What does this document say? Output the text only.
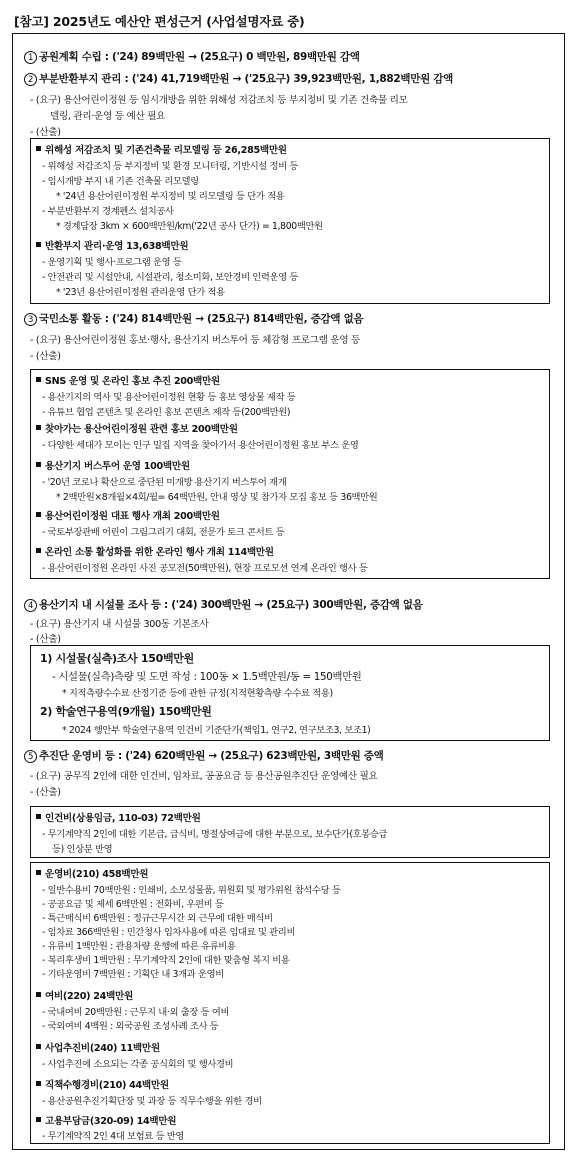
[참고] 2025년도 예산안 편성근거 (사업설명자료 중)
1 공원계획 수립 : ('24) 89백만원 → (25요구) 0 백만원, 89백만원 감액
2 부분반환부지 관리 : ('24) 41,719백만원 → ('25요구) 39,923백만원, 1,882백만원 감액
- (요구) 용산어린이정원 등 임시개방을 위한 위해성 저감조치 등 부지정비 및 기존 건축물 리모
델링, 관리·운영 등 예산 필요
- (산출)
위해성 저감조치 및 기존건축물 리모델링 등 26,285백만원
- 위해성 저감조치 등 부지정비 및 환경 모니터링, 기반시설 정비 등
- 임시개방 부지 내 기존 건축물 리모델링
* '24년 용산어린이정원 부지정비 및 리모델링 등 단가 적용
- 부분반환부지 경계펜스 설치공사
* 경계담장 3km × 600백만원/km('22년 공사 단가) = 1,800백만원
반환부지 관리·운영 13,638백만원
- 운영기획 및 행사·프로그램 운영 등
- 안전관리 및 시설안내, 시설관리, 청소미화, 보안경비 인력운영 등
* '23년 용산어린이정원 관리운영 단가 적용
3 국민소통 활동 : ('24) 814백만원 → (25요구) 814백만원, 증감액 없음
- (요구) 용산어린이정원 홍보·행사, 용산기지 버스투어 등 체감형 프로그램 운영 등
- (산출)
SNS 운영 및 온라인 홍보 추진 200백만원
- 용산기지의 역사 및 용산어린이정원 현황 등 홍보 영상물 제작 등
- 유튜브 협업 콘텐츠 및 온라인 홍보 콘텐츠 제작 등(200백만원)
찾아가는 용산어린이정원 관련 홍보 200백만원
- 다양한 세대가 모이는 인구 밀집 지역을 찾아가서 용산어린이정원 홍보 부스 운영
용산기지 버스투어 운영 100백만원
- '20년 코로나 확산으로 중단된 미개방 용산기지 버스투어 재개
* 2백만원×8개월×4회/월= 64백만원, 안내 영상 및 참가자 모집 홍보 등 36백만원
용산어린이정원 대표 행사 개최 200백만원
- 국토부장관배 어린이 그림그리기 대회, 전문가 토크 콘서트 등
온라인 소통 활성화를 위한 온라인 행사 개최 114백만원
- 용산어린이정원 온라인 사진 공모전(50백만원), 현장 프로모션 연계 온라인 행사 등
4 용산기지 내 시설물 조사 등 : ('24) 300백만원 → (25요구) 300백만원, 증감액 없음
- (요구) 용산기지 내 시설물 300동 기본조사
- (산출)
1) 시설물(실측)조사 150백만원
- 시설물(실측)측량 및 도면 작성 : 100동 × 1.5백만원/동 = 150백만원
* 지적측량수수료 산정기준 등에 관한 규정(지적현황측량 수수료 적용)
2) 학술연구용역(9개월) 150백만원
* 2024 행안부 학술연구용역 인건비 기준단가(책임1, 연구2, 연구보조3, 보조1)
5 추진단 운영비 등 : ('24) 620백만원 → (25요구) 623백만원, 3백만원 증액
- (요구) 공무직 2인에 대한 인건비, 임차료, 공공요금 등 용산공원추진단 운영예산 필요
- (산출)
인건비(상용임금, 110-03) 72백만원
- 무기계약직 2인에 대한 기본급, 급식비, 명절상여금에 대한 부분으로, 보수단가(호봉승급
등) 인상분 반영
운영비(210) 458백만원
- 일반수용비 70백만원 : 인쇄비, 소모성물품, 위원회 및 평가위원 참석수당 등
- 공공요금 및 제세 6백만원 : 전화비, 우편비 등
- 특근매식비 6백만원 : 정규근무시간 외 근무에 대한 매식비
- 임차료 366백만원 : 민간청사 임차사용에 따른 임대료 및 관리비
- 유류비 1백만원 : 관용차량 운행에 따른 유류비용
- 복리후생비 1백만원 : 무기계약직 2인에 대한 맞춤형 복지 비용
- 기타운영비 7백만원 : 기획단 내 3개과 운영비
여비(220) 24백만원
- 국내여비 20백만원 : 근무지 내·외 출장 등 여비
- 국외여비 4백원 : 외국공원 조성사례 조사 등
사업추진비(240) 11백만원
- 사업추진에 소요되는 각종 공식회의 및 행사경비
직책수행경비(210) 44백만원
- 용산공원추진기획단장 및 과장 등 직무수행을 위한 경비
고용부담금(320-09) 14백만원
- 무기계약직 2인 4대 보험료 등 반영
